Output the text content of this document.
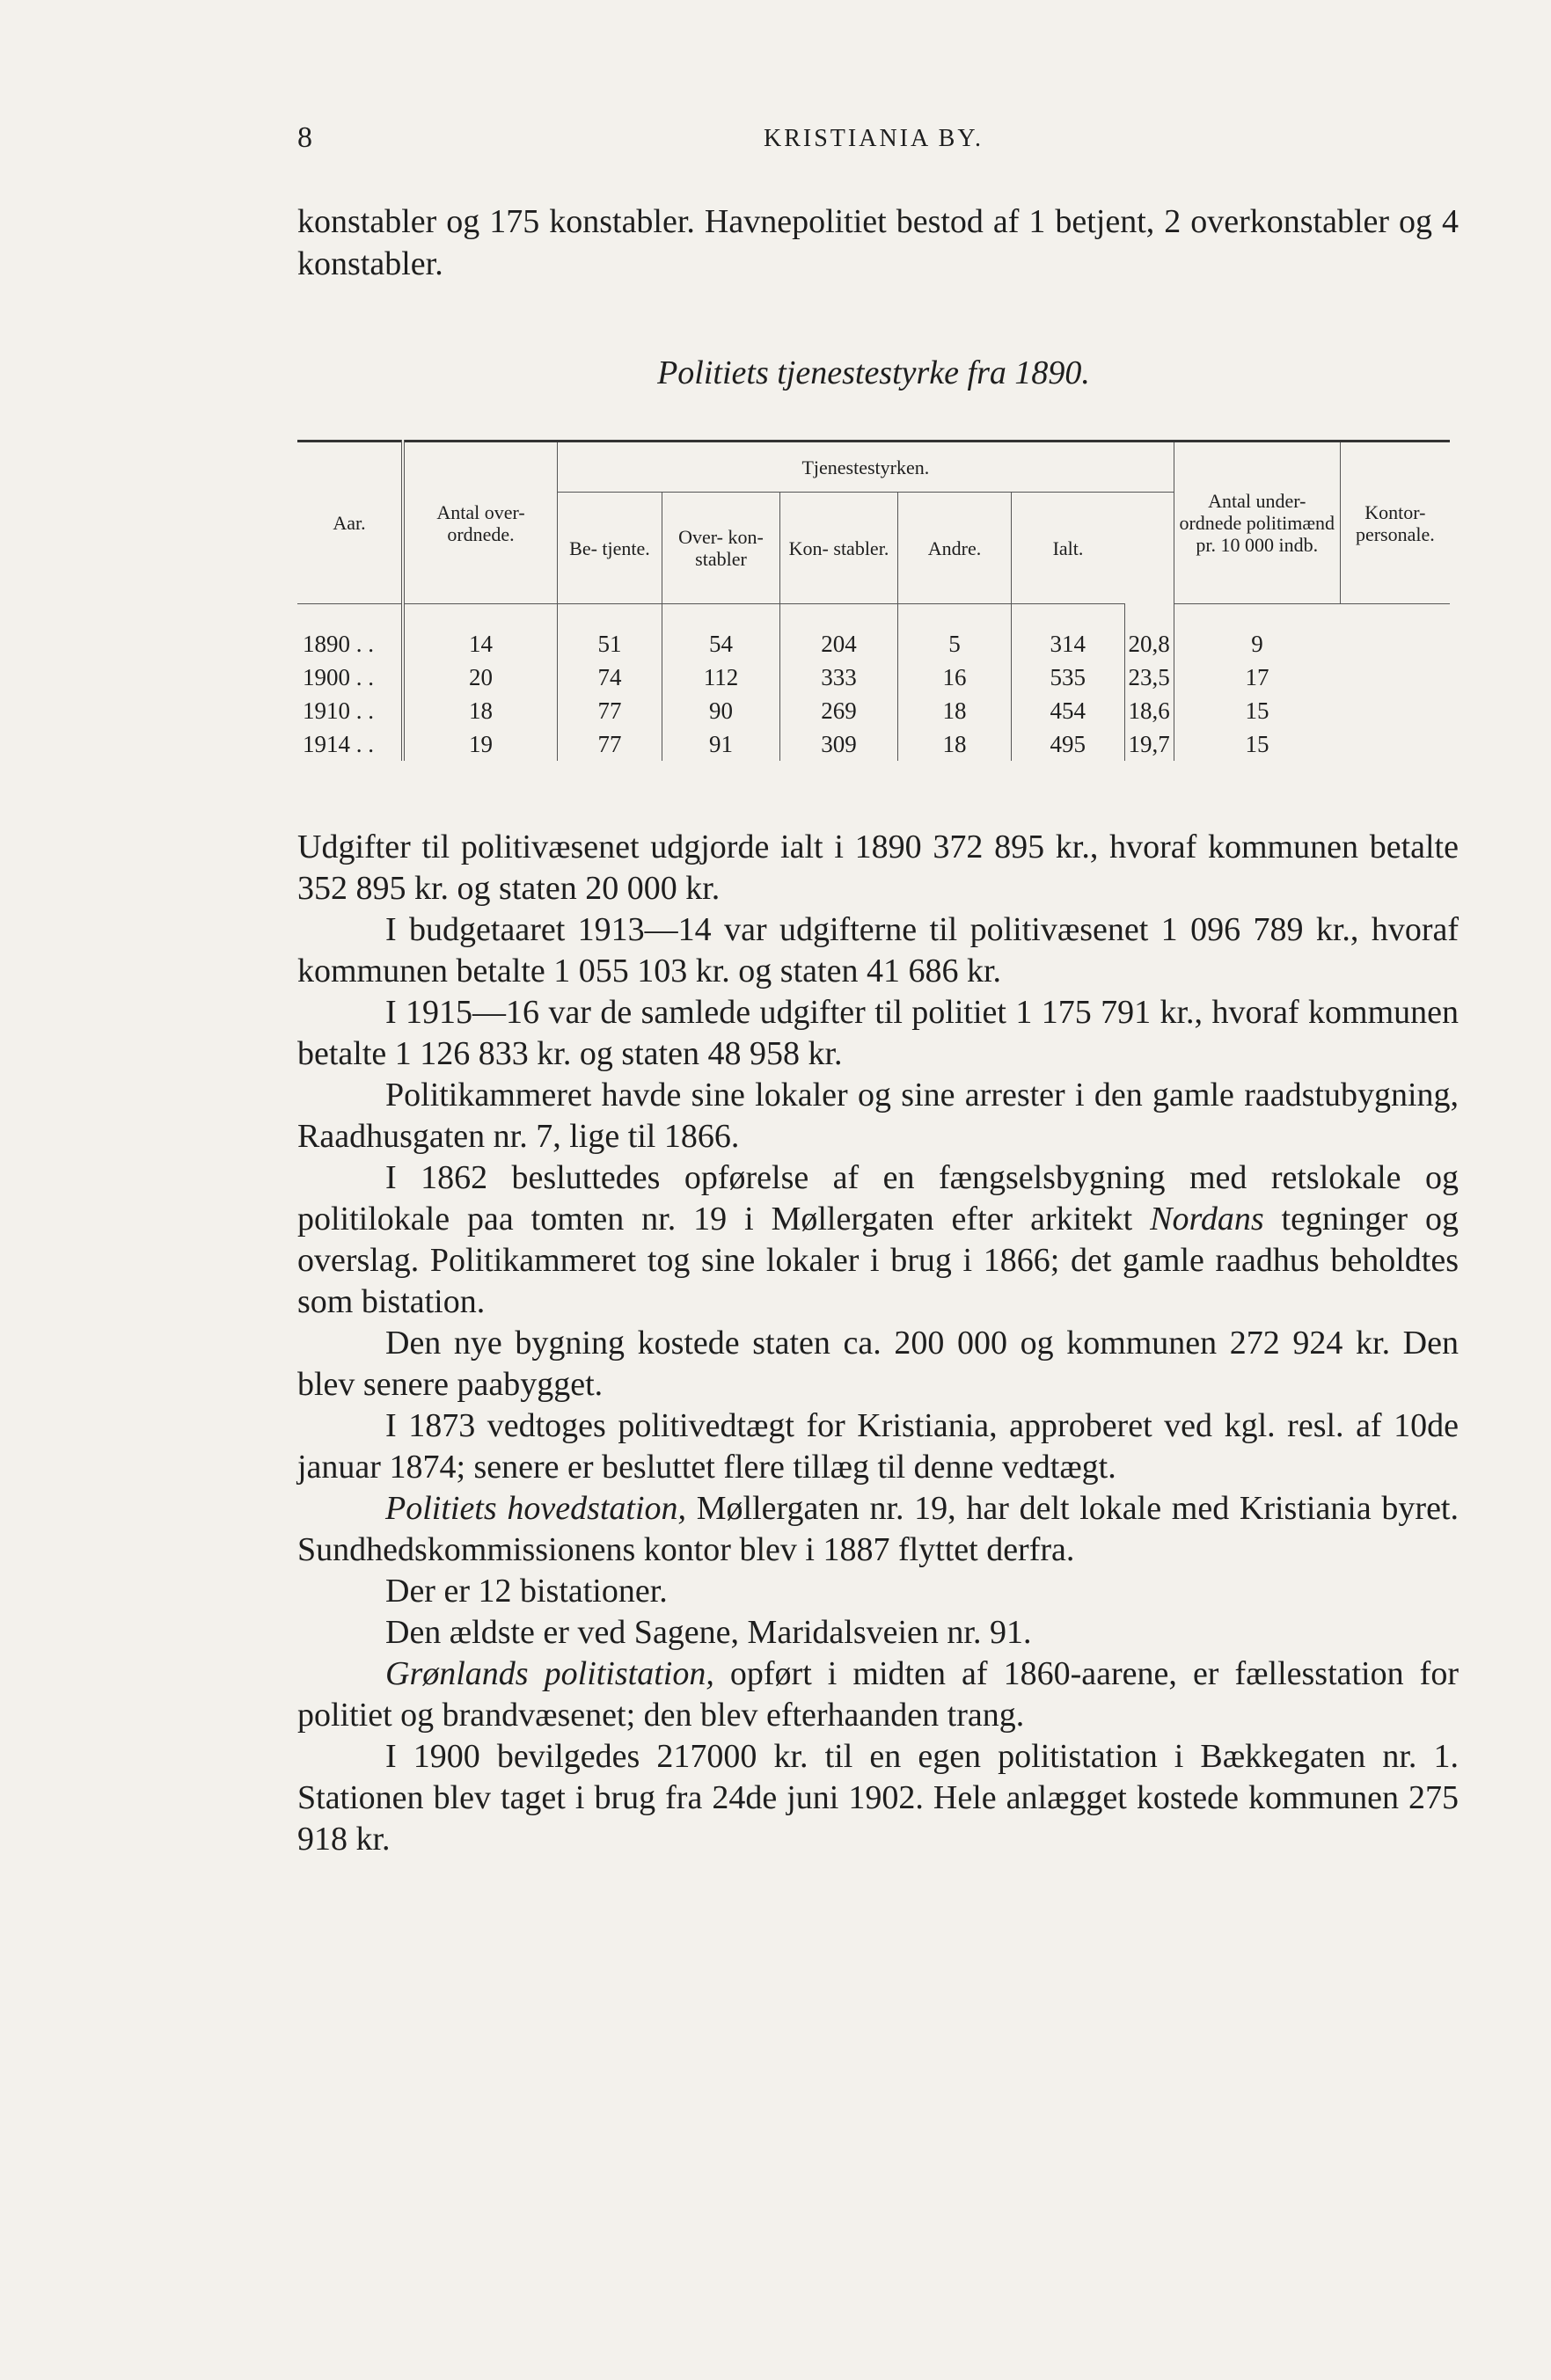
8	KRISTIANIA BY.

konstabler og 175 konstabler. Havnepolitiet bestod af 1 betjent, 2 overkonstabler og 4 konstabler.

Politiets tjenestestyrke fra 1890.
Aar.	Antal over- ordnede.	Tjenestestyrken.						Antal under- ordnede politimænd pr. 10 000 indb.	Kontor- personale.
		Be- tjente.	Over- kon- stabler	Kon- stabler.	Andre.	Ialt.			
1890 . .	14	51	54	204	5	314	20,8	9	
1900 . .	20	74	112	333	16	535	23,5	17	
1910 . .	18	77	90	269	18	454	18,6	15	
1914 . .	19	77	91	309	18	495	19,7	15	

Udgifter til politivæsenet udgjorde ialt i 1890 372 895 kr., hvoraf kommunen betalte 352 895 kr. og staten 20 000 kr.

I budgetaaret 1913—14 var udgifterne til politivæsenet 1 096 789 kr., hvoraf kommunen betalte 1 055 103 kr. og staten 41 686 kr.

I 1915—16 var de samlede udgifter til politiet 1 175 791 kr., hvoraf kommunen betalte 1 126 833 kr. og staten 48 958 kr.

Politikammeret havde sine lokaler og sine arrester i den gamle raadstubygning, Raadhusgaten nr. 7, lige til 1866.

I 1862 besluttedes opførelse af en fængselsbygning med retslokale og politilokale paa tomten nr. 19 i Møllergaten efter arkitekt Nordans tegninger og overslag. Politikammeret tog sine lokaler i brug i 1866; det gamle raadhus beholdtes som bistation.

Den nye bygning kostede staten ca. 200 000 og kommunen 272 924 kr. Den blev senere paabygget.

I 1873 vedtoges politivedtægt for Kristiania, approberet ved kgl. resl. af 10de januar 1874; senere er besluttet flere tillæg til denne vedtægt.

Politiets hovedstation, Møllergaten nr. 19, har delt lokale med Kristiania byret. Sundhedskommissionens kontor blev i 1887 flyttet derfra.

Der er 12 bistationer.

Den ældste er ved Sagene, Maridalsveien nr. 91.

Grønlands politistation, opført i midten af 1860-aarene, er fællesstation for politiet og brandvæsenet; den blev efterhaanden trang.

I 1900 bevilgedes 217000 kr. til en egen politistation i Bækkegaten nr. 1. Stationen blev taget i brug fra 24de juni 1902. Hele anlægget kostede kommunen 275 918 kr.
